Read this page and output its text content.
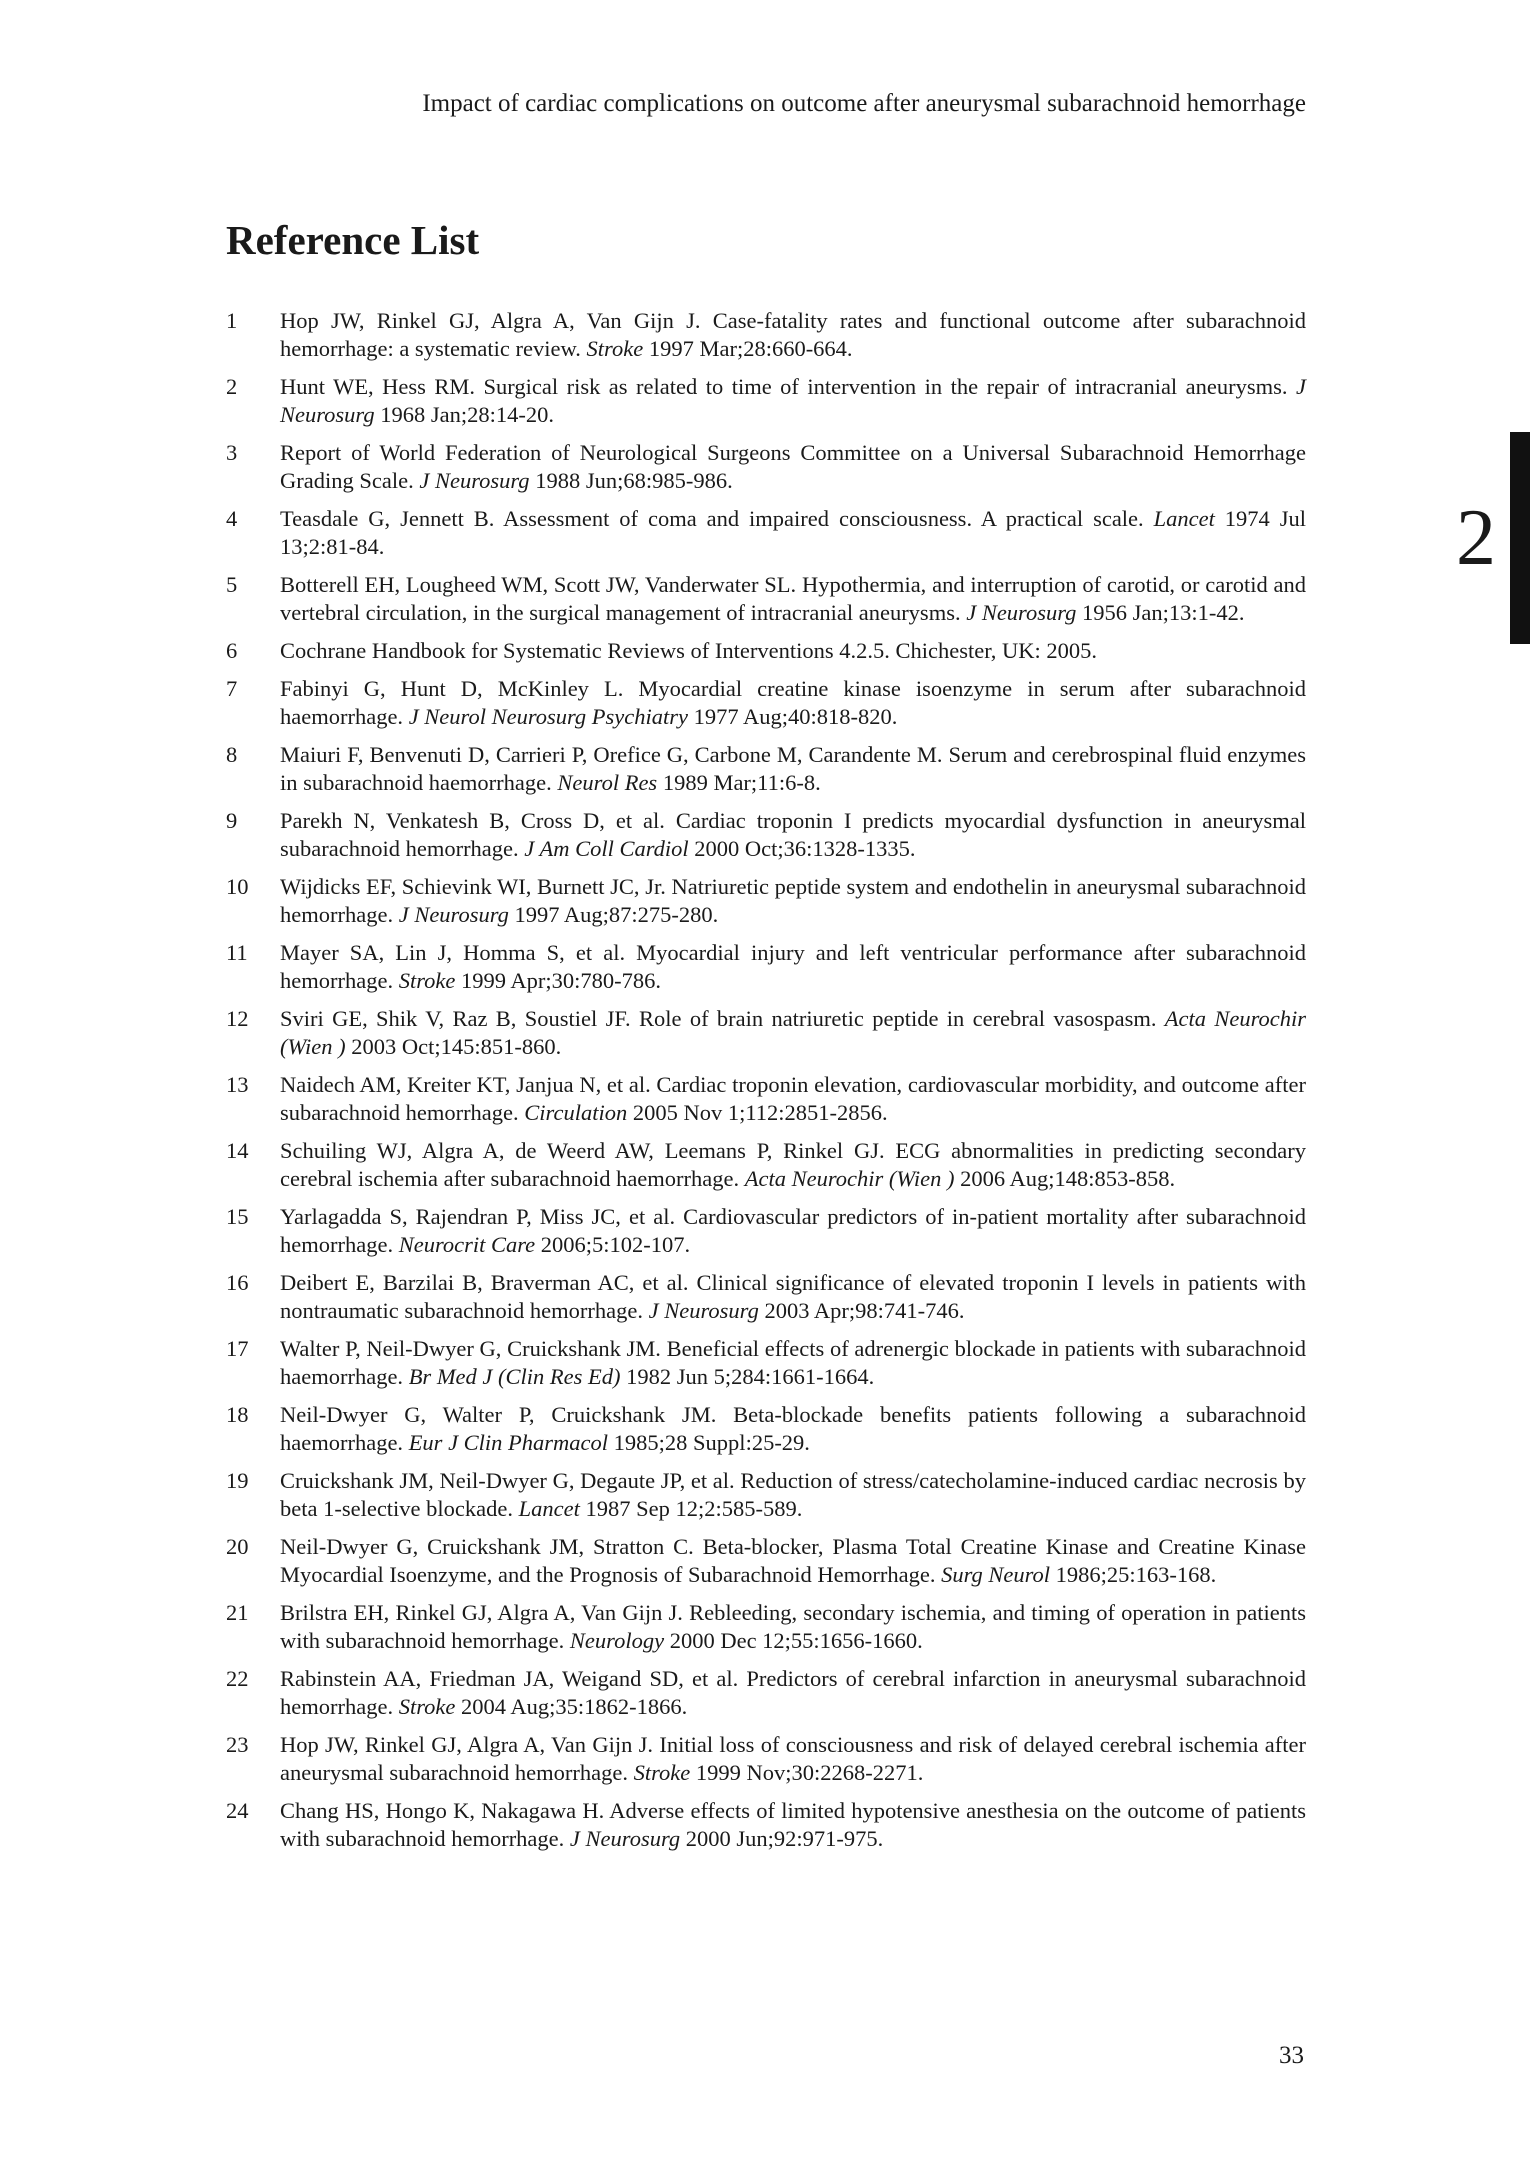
Impact of cardiac complications on outcome after aneurysmal subarachnoid hemorrhage
Reference List
1 Hop JW, Rinkel GJ, Algra A, Van Gijn J. Case-fatality rates and functional outcome after subarachnoid hemorrhage: a systematic review. Stroke 1997 Mar;28:660-664.
2 Hunt WE, Hess RM. Surgical risk as related to time of intervention in the repair of intracranial aneurysms. J Neurosurg 1968 Jan;28:14-20.
3 Report of World Federation of Neurological Surgeons Committee on a Universal Subarachnoid Hemorrhage Grading Scale. J Neurosurg 1988 Jun;68:985-986.
4 Teasdale G, Jennett B. Assessment of coma and impaired consciousness. A practical scale. Lancet 1974 Jul 13;2:81-84.
5 Botterell EH, Lougheed WM, Scott JW, Vanderwater SL. Hypothermia, and interruption of carotid, or carotid and vertebral circulation, in the surgical management of intracranial aneurysms. J Neurosurg 1956 Jan;13:1-42.
6 Cochrane Handbook for Systematic Reviews of Interventions 4.2.5. Chichester, UK: 2005.
7 Fabinyi G, Hunt D, McKinley L. Myocardial creatine kinase isoenzyme in serum after subarachnoid haemorrhage. J Neurol Neurosurg Psychiatry 1977 Aug;40:818-820.
8 Maiuri F, Benvenuti D, Carrieri P, Orefice G, Carbone M, Carandente M. Serum and cerebrospinal fluid enzymes in subarachnoid haemorrhage. Neurol Res 1989 Mar;11:6-8.
9 Parekh N, Venkatesh B, Cross D, et al. Cardiac troponin I predicts myocardial dysfunction in aneurysmal subarachnoid hemorrhage. J Am Coll Cardiol 2000 Oct;36:1328-1335.
10 Wijdicks EF, Schievink WI, Burnett JC, Jr. Natriuretic peptide system and endothelin in aneurysmal subarachnoid hemorrhage. J Neurosurg 1997 Aug;87:275-280.
11 Mayer SA, Lin J, Homma S, et al. Myocardial injury and left ventricular performance after subarachnoid hemorrhage. Stroke 1999 Apr;30:780-786.
12 Sviri GE, Shik V, Raz B, Soustiel JF. Role of brain natriuretic peptide in cerebral vasospasm. Acta Neurochir (Wien ) 2003 Oct;145:851-860.
13 Naidech AM, Kreiter KT, Janjua N, et al. Cardiac troponin elevation, cardiovascular morbidity, and outcome after subarachnoid hemorrhage. Circulation 2005 Nov 1;112:2851-2856.
14 Schuiling WJ, Algra A, de Weerd AW, Leemans P, Rinkel GJ. ECG abnormalities in predicting secondary cerebral ischemia after subarachnoid haemorrhage. Acta Neurochir (Wien ) 2006 Aug;148:853-858.
15 Yarlagadda S, Rajendran P, Miss JC, et al. Cardiovascular predictors of in-patient mortality after subarachnoid hemorrhage. Neurocrit Care 2006;5:102-107.
16 Deibert E, Barzilai B, Braverman AC, et al. Clinical significance of elevated troponin I levels in patients with nontraumatic subarachnoid hemorrhage. J Neurosurg 2003 Apr;98:741-746.
17 Walter P, Neil-Dwyer G, Cruickshank JM. Beneficial effects of adrenergic blockade in patients with subarachnoid haemorrhage. Br Med J (Clin Res Ed) 1982 Jun 5;284:1661-1664.
18 Neil-Dwyer G, Walter P, Cruickshank JM. Beta-blockade benefits patients following a subarachnoid haemorrhage. Eur J Clin Pharmacol 1985;28 Suppl:25-29.
19 Cruickshank JM, Neil-Dwyer G, Degaute JP, et al. Reduction of stress/catecholamine-induced cardiac necrosis by beta 1-selective blockade. Lancet 1987 Sep 12;2:585-589.
20 Neil-Dwyer G, Cruickshank JM, Stratton C. Beta-blocker, Plasma Total Creatine Kinase and Creatine Kinase Myocardial Isoenzyme, and the Prognosis of Subarachnoid Hemorrhage. Surg Neurol 1986;25:163-168.
21 Brilstra EH, Rinkel GJ, Algra A, Van Gijn J. Rebleeding, secondary ischemia, and timing of operation in patients with subarachnoid hemorrhage. Neurology 2000 Dec 12;55:1656-1660.
22 Rabinstein AA, Friedman JA, Weigand SD, et al. Predictors of cerebral infarction in aneurysmal subarachnoid hemorrhage. Stroke 2004 Aug;35:1862-1866.
23 Hop JW, Rinkel GJ, Algra A, Van Gijn J. Initial loss of consciousness and risk of delayed cerebral ischemia after aneurysmal subarachnoid hemorrhage. Stroke 1999 Nov;30:2268-2271.
24 Chang HS, Hongo K, Nakagawa H. Adverse effects of limited hypotensive anesthesia on the outcome of patients with subarachnoid hemorrhage. J Neurosurg 2000 Jun;92:971-975.
2
33
